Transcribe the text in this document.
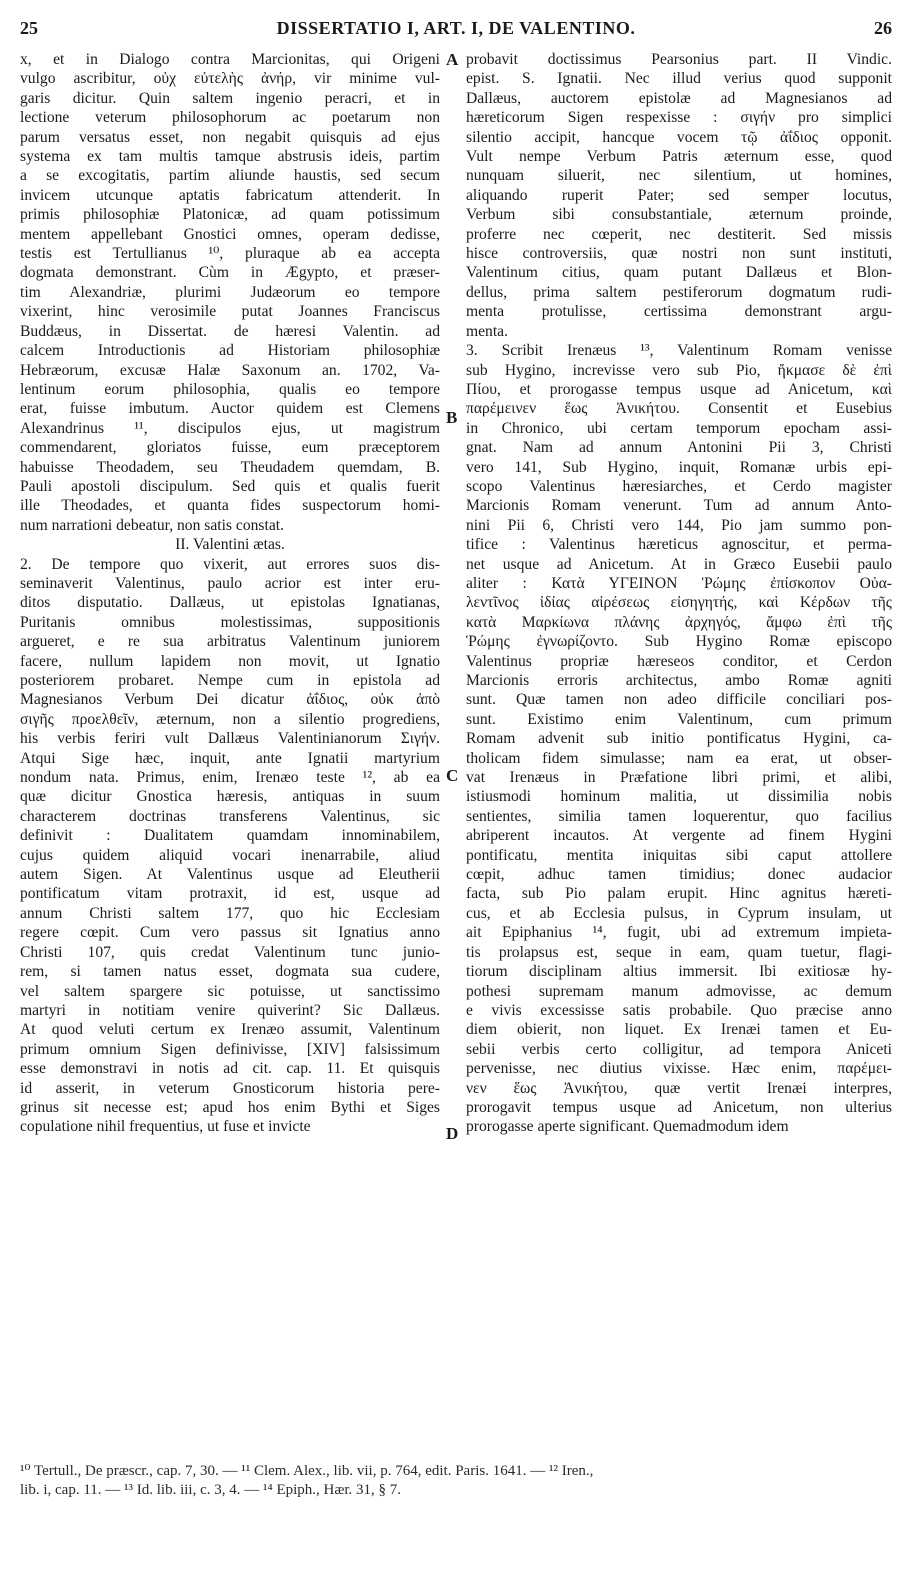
25	DISSERTATIO I, ART. I, DE VALENTINO.	26
A
B
C
D
x, et in Dialogo contra Marcionitas, qui Origeni
vulgo ascribitur, οὐχ εὐτελὴς ἀνήρ, vir minime vul-
garis dicitur. Quin saltem ingenio peracri, et in
lectione veterum philosophorum ac poetarum non
parum versatus esset, non negabit quisquis ad ejus
systema ex tam multis tamque abstrusis ideis, partim
a se excogitatis, partim aliunde haustis, sed secum
invicem utcunque aptatis fabricatum attenderit. In
primis philosophiæ Platonicæ, ad quam potissimum
mentem appellebant Gnostici omnes, operam dedisse,
testis est Tertullianus ¹⁰, pluraque ab ea accepta
dogmata demonstrant. Cùm in Ægypto, et præser-
tim Alexandriæ, plurimi Judæorum eo tempore
vixerint, hinc verosimile putat Joannes Franciscus
Buddæus, in Dissertat. de hæresi Valentin. ad
calcem Introductionis ad Historiam philosophiæ
Hebræorum, excusæ Halæ Saxonum an. 1702, Va-
lentinum eorum philosophia, qualis eo tempore
erat, fuisse imbutum. Auctor quidem est Clemens
Alexandrinus ¹¹, discipulos ejus, ut magistrum
commendarent, gloriatos fuisse, eum præceptorem
habuisse Theodadem, seu Theudadem quemdam, B.
Pauli apostoli discipulum. Sed quis et qualis fuerit
ille Theodades, et quanta fides suspectorum homi-
num narrationi debeatur, non satis constat.
II. Valentini ætas.
2. De tempore quo vixerit, aut errores suos dis-
seminaverit Valentinus, paulo acrior est inter eru-
ditos disputatio. Dallæus, ut epistolas Ignatianas,
Puritanis omnibus molestissimas, suppositionis
argueret, e re sua arbitratus Valentinum juniorem
facere, nullum lapidem non movit, ut Ignatio
posteriorem probaret. Nempe cum in epistola ad
Magnesianos Verbum Dei dicatur ἀΐδιος, οὐκ ἀπὸ
σιγῆς προελθεῖν, æternum, non a silentio progrediens,
his verbis feriri vult Dallæus Valentinianorum Σιγήν.
Atqui Sige hæc, inquit, ante Ignatii martyrium
nondum nata. Primus, enim, Irenæo teste ¹², ab ea
quæ dicitur Gnostica hæresis, antiquas in suum
characterem doctrinas transferens Valentinus, sic
definivit : Dualitatem quamdam innominabilem,
cujus quidem aliquid vocari inenarrabile, aliud
autem Sigen. At Valentinus usque ad Eleutherii
pontificatum vitam protraxit, id est, usque ad
annum Christi saltem 177, quo hic Ecclesiam
regere cœpit. Cum vero passus sit Ignatius anno
Christi 107, quis credat Valentinum tunc junio-
rem, si tamen natus esset, dogmata sua cudere,
vel saltem spargere sic potuisse, ut sanctissimo
martyri in notitiam venire quiverint? Sic Dallæus.
At quod veluti certum ex Irenæo assumit, Valentinum
primum omnium Sigen definivisse, [XIV] falsissimum
esse demonstravi in notis ad cit. cap. 11. Et quisquis
id asserit, in veterum Gnosticorum historia pere-
grinus sit necesse est; apud hos enim Bythi et Siges
copulatione nihil frequentius, ut fuse et invicte
probavit doctissimus Pearsonius part. II Vindic.
epist. S. Ignatii. Nec illud verius quod supponit
Dallæus, auctorem epistolæ ad Magnesianos ad
hæreticorum Sigen respexisse : σιγήν pro simplici
silentio accipit, hancque vocem τῷ ἀΐδιος opponit.
Vult nempe Verbum Patris æternum esse, quod
nunquam siluerit, nec silentium, ut homines,
aliquando ruperit Pater; sed semper locutus,
Verbum sibi consubstantiale, æternum proinde,
proferre nec cœperit, nec destiterit. Sed missis
hisce controversiis, quæ nostri non sunt instituti,
Valentinum citius, quam putant Dallæus et Blon-
dellus, prima saltem pestiferorum dogmatum rudi-
menta protulisse, certissima demonstrant argu-
menta.
3. Scribit Irenæus ¹³, Valentinum Romam venisse
sub Hygino, increvisse vero sub Pio, ἤκμασε δὲ ἐπὶ
Πίου, et prorogasse tempus usque ad Anicetum, καὶ
παρέμεινεν ἕως Ἀνικήτου. Consentit et Eusebius
in Chronico, ubi certam temporum epocham assi-
gnat. Nam ad annum Antonini Pii 3, Christi
vero 141, Sub Hygino, inquit, Romanæ urbis epi-
scopo Valentinus hæresiarches, et Cerdo magister
Marcionis Romam venerunt. Tum ad annum Anto-
nini Pii 6, Christi vero 144, Pio jam summo pon-
tifice : Valentinus hæreticus agnoscitur, et perma-
net usque ad Anicetum. At in Græco Eusebii paulo
aliter : Κατὰ ΥΓΕΙΝΟΝ Ῥώμης ἐπίσκοπον Οὐα-
λεντῖνος ἰδίας αἱρέσεως εἰσηγητής, καὶ Κέρδων τῆς
κατὰ Μαρκίωνα πλάνης ἀρχηγός, ἄμφω ἐπὶ τῆς
Ῥώμης ἐγνωρίζοντο. Sub Hygino Romæ episcopo
Valentinus propriæ hæreseos conditor, et Cerdon
Marcionis erroris architectus, ambo Romæ agniti
sunt. Quæ tamen non adeo difficile conciliari pos-
sunt. Existimo enim Valentinum, cum primum
Romam advenit sub initio pontificatus Hygini, ca-
tholicam fidem simulasse; nam ea erat, ut obser-
vat Irenæus in Præfatione libri primi, et alibi,
istiusmodi hominum malitia, ut dissimilia nobis
sentientes, similia tamen loquerentur, quo facilius
abriperent incautos. At vergente ad finem Hygini
pontificatu, mentita iniquitas sibi caput attollere
cœpit, adhuc tamen timidius; donec audacior
facta, sub Pio palam erupit. Hinc agnitus hæreti-
cus, et ab Ecclesia pulsus, in Cyprum insulam, ut
ait Epiphanius ¹⁴, fugit, ubi ad extremum impieta-
tis prolapsus est, seque in eam, quam tuetur, flagi-
tiorum disciplinam altius immersit. Ibi exitiosæ hy-
pothesi supremam manum admovisse, ac demum
e vivis excessisse satis probabile. Quo præcise anno
diem obierit, non liquet. Ex Irenæi tamen et Eu-
sebii verbis certo colligitur, ad tempora Aniceti
pervenisse, nec diutius vixisse. Hæc enim, παρέμει-
νεν ἕως Ἀνικήτου, quæ vertit Irenæi interpres,
prorogavit tempus usque ad Anicetum, non ulterius
prorogasse aperte significant. Quemadmodum idem
¹⁰ Tertull., De præscr., cap. 7, 30. — ¹¹ Clem. Alex., lib. vii, p. 764, edit. Paris. 1641. — ¹² Iren.,
lib. i, cap. 11. — ¹³ Id. lib. iii, c. 3, 4. — ¹⁴ Epiph., Hær. 31, § 7.
